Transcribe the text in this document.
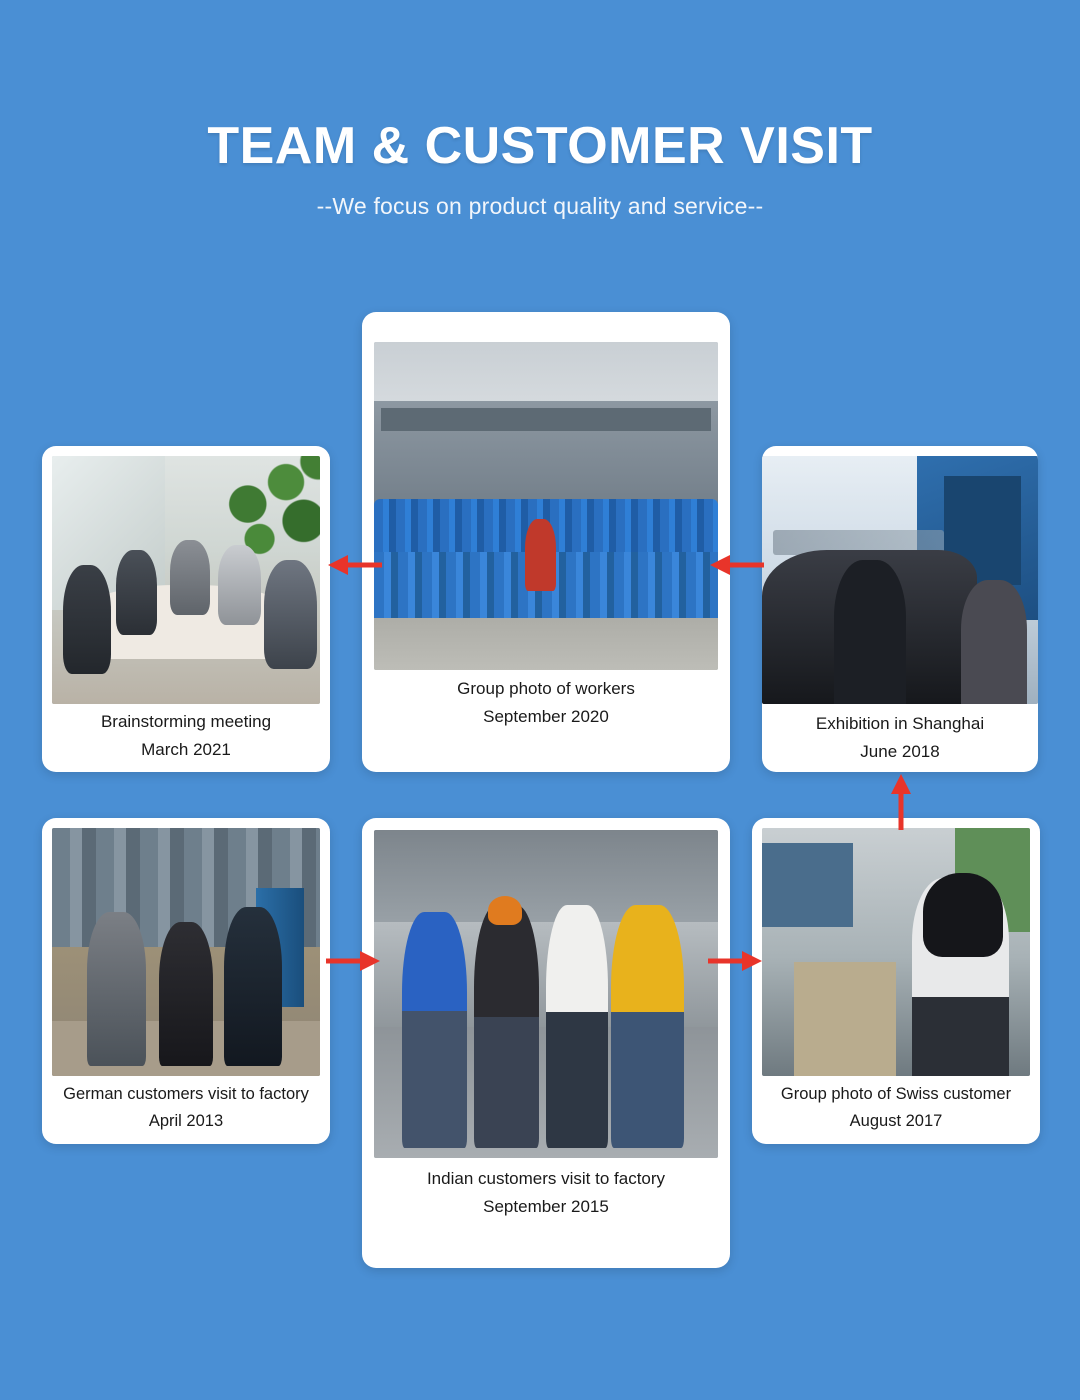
TEAM & CUSTOMER VISIT
--We focus on product quality and service--
Brainstorming meeting
March 2021
Group photo of workers
September 2020	Exhibition in Shanghai
June 2018
German customers visit to factory
April 2013
Indian customers visit to factory
September 2015
Group photo of Swiss customer
August 2017
